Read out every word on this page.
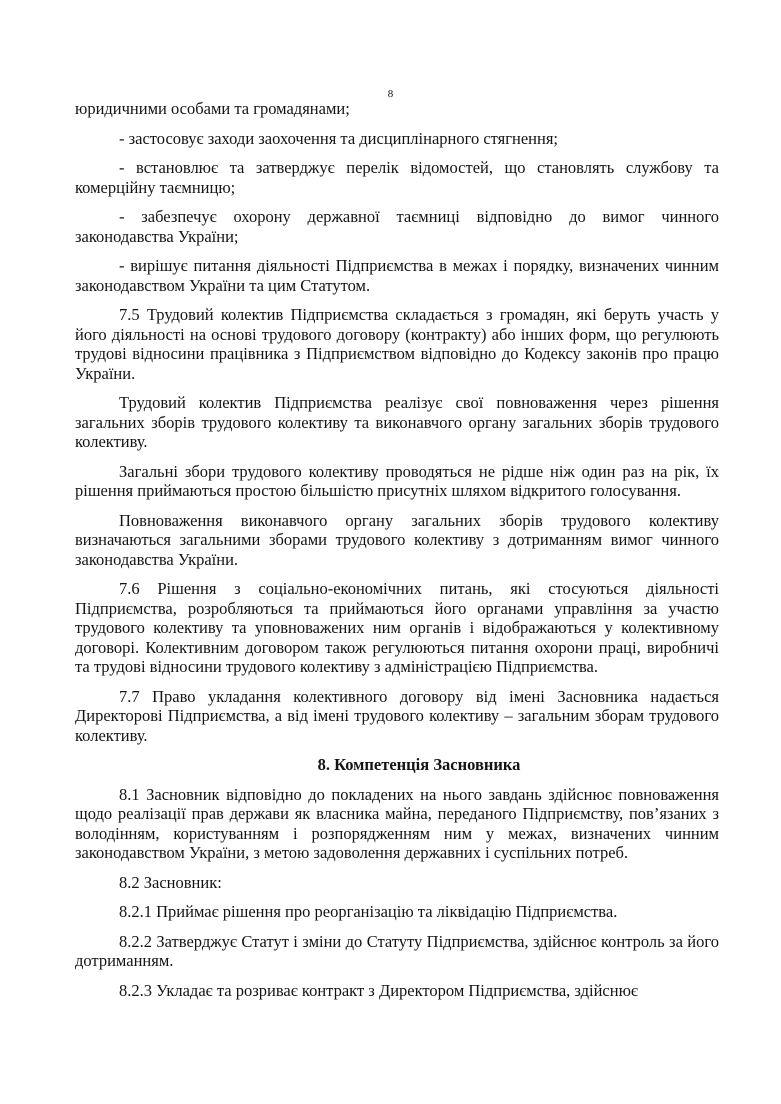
8

юридичними особами та громадянами;

- застосовує заходи заохочення та дисциплінарного стягнення;

- встановлює та затверджує перелік відомостей, що становлять службову та комерційну таємницю;

- забезпечує охорону державної таємниці відповідно до вимог чинного законодавства України;

- вирішує питання діяльності Підприємства в межах і порядку, визначених чинним законодавством України та цим Статутом.

7.5 Трудовий колектив Підприємства складається з громадян, які беруть участь у його діяльності на основі трудового договору (контракту) або інших форм, що регулюють трудові відносини працівника з Підприємством відповідно до Кодексу законів про працю України.

Трудовий колектив Підприємства реалізує свої повноваження через рішення загальних зборів трудового колективу та виконавчого органу загальних зборів трудового колективу.

Загальні збори трудового колективу проводяться не рідше ніж один раз на рік, їх рішення приймаються простою більшістю присутніх шляхом відкритого голосування.

Повноваження виконавчого органу загальних зборів трудового колективу визначаються загальними зборами трудового колективу з дотриманням вимог чинного законодавства України.

7.6 Рішення з соціально-економічних питань, які стосуються діяльності Підприємства, розробляються та приймаються його органами управління за участю трудового колективу та уповноважених ним органів і відображаються у колективному договорі. Колективним договором також регулюються питання охорони праці, виробничі та трудові відносини трудового колективу з адміністрацією Підприємства.

7.7 Право укладання колективного договору від імені Засновника надається Директорові Підприємства, а від імені трудового колективу – загальним зборам трудового колективу.

8. Компетенція Засновника

8.1 Засновник відповідно до покладених на нього завдань здійснює повноваження щодо реалізації прав держави як власника майна, переданого Підприємству, пов’язаних з володінням, користуванням і розпорядженням ним у межах, визначених чинним законодавством України, з метою задоволення державних і суспільних потреб.

8.2 Засновник:

8.2.1 Приймає рішення про реорганізацію та ліквідацію Підприємства.

8.2.2 Затверджує Статут і зміни до Статуту Підприємства, здійснює контроль за його дотриманням.

8.2.3 Укладає та розриває контракт з Директором Підприємства, здійснює
